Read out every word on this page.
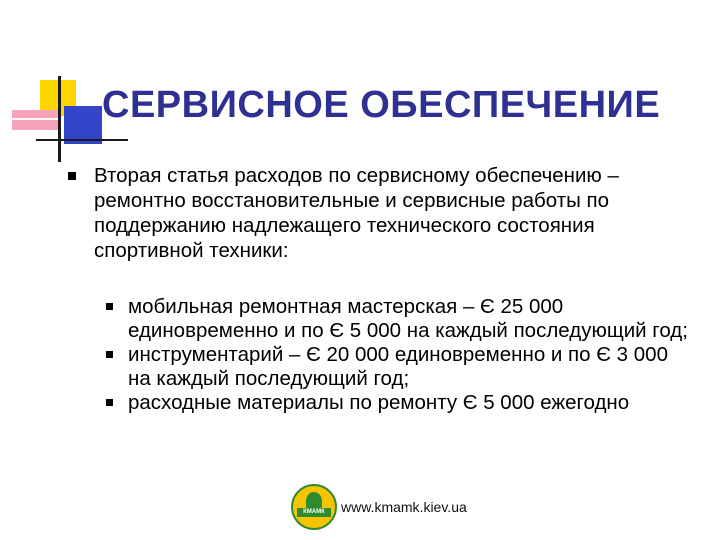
СЕРВИСНОЕ ОБЕСПЕЧЕНИЕ
Вторая статья расходов по сервисному обеспечению – ремонтно восстановительные и сервисные работы по поддержанию надлежащего технического состояния спортивной техники:
мобильная ремонтная мастерская – Є 25 000 единовременно и по Є 5 000 на каждый последующий год;
инструментарий – Є 20 000 единовременно и по Є 3 000 на каждый последующий год;
расходные материалы по ремонту Є 5 000 ежегодно
КМАМК	www.kmamk.kiev.ua
